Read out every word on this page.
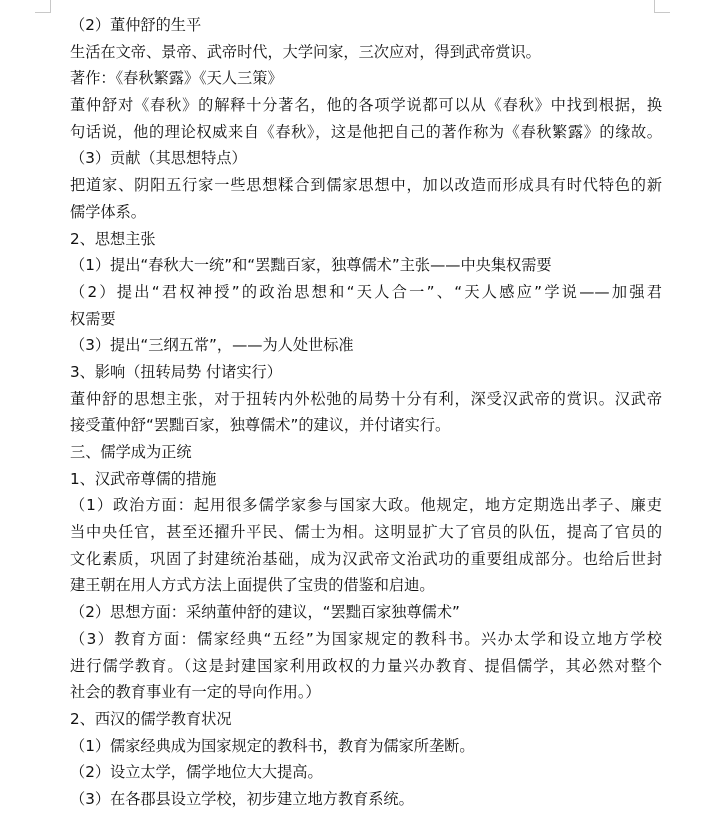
（2）董仲舒的生平
生活在文帝、景帝、武帝时代，大学问家，三次应对，得到武帝赏识。
著作：《春秋繁露》《天人三策》
董仲舒对《春秋》的解释十分著名，他的各项学说都可以从《春秋》中找到根据，换
句话说，他的理论权威来自《春秋》，这是他把自己的著作称为《春秋繁露》的缘故。
（3）贡献（其思想特点）
把道家、阴阳五行家一些思想糅合到儒家思想中，加以改造而形成具有时代特色的新
儒学体系。
2、思想主张
（1）提出“春秋大一统”和“罢黜百家，独尊儒术”主张——中央集权需要
（2）提出“君权神授”的政治思想和“天人合一”、“天人感应”学说——加强君
权需要
（3）提出“三纲五常”，——为人处世标准
3、影响（扭转局势 付诸实行）
董仲舒的思想主张，对于扭转内外松弛的局势十分有利，深受汉武帝的赏识。汉武帝
接受董仲舒“罢黜百家，独尊儒术”的建议，并付诸实行。
三、儒学成为正统
1、汉武帝尊儒的措施
（1）政治方面：起用很多儒学家参与国家大政。他规定，地方定期选出孝子、廉吏
当中央任官，甚至还擢升平民、儒士为相。这明显扩大了官员的队伍，提高了官员的
文化素质，巩固了封建统治基础，成为汉武帝文治武功的重要组成部分。也给后世封
建王朝在用人方式方法上面提供了宝贵的借鉴和启迪。
（2）思想方面：采纳董仲舒的建议，“罢黜百家独尊儒术”
（3）教育方面：儒家经典“五经”为国家规定的教科书。兴办太学和设立地方学校
进行儒学教育。（这是封建国家利用政权的力量兴办教育、提倡儒学，其必然对整个
社会的教育事业有一定的导向作用。）
2、西汉的儒学教育状况
（1）儒家经典成为国家规定的教科书，教育为儒家所垄断。
（2）设立太学，儒学地位大大提高。
（3）在各郡县设立学校，初步建立地方教育系统。
